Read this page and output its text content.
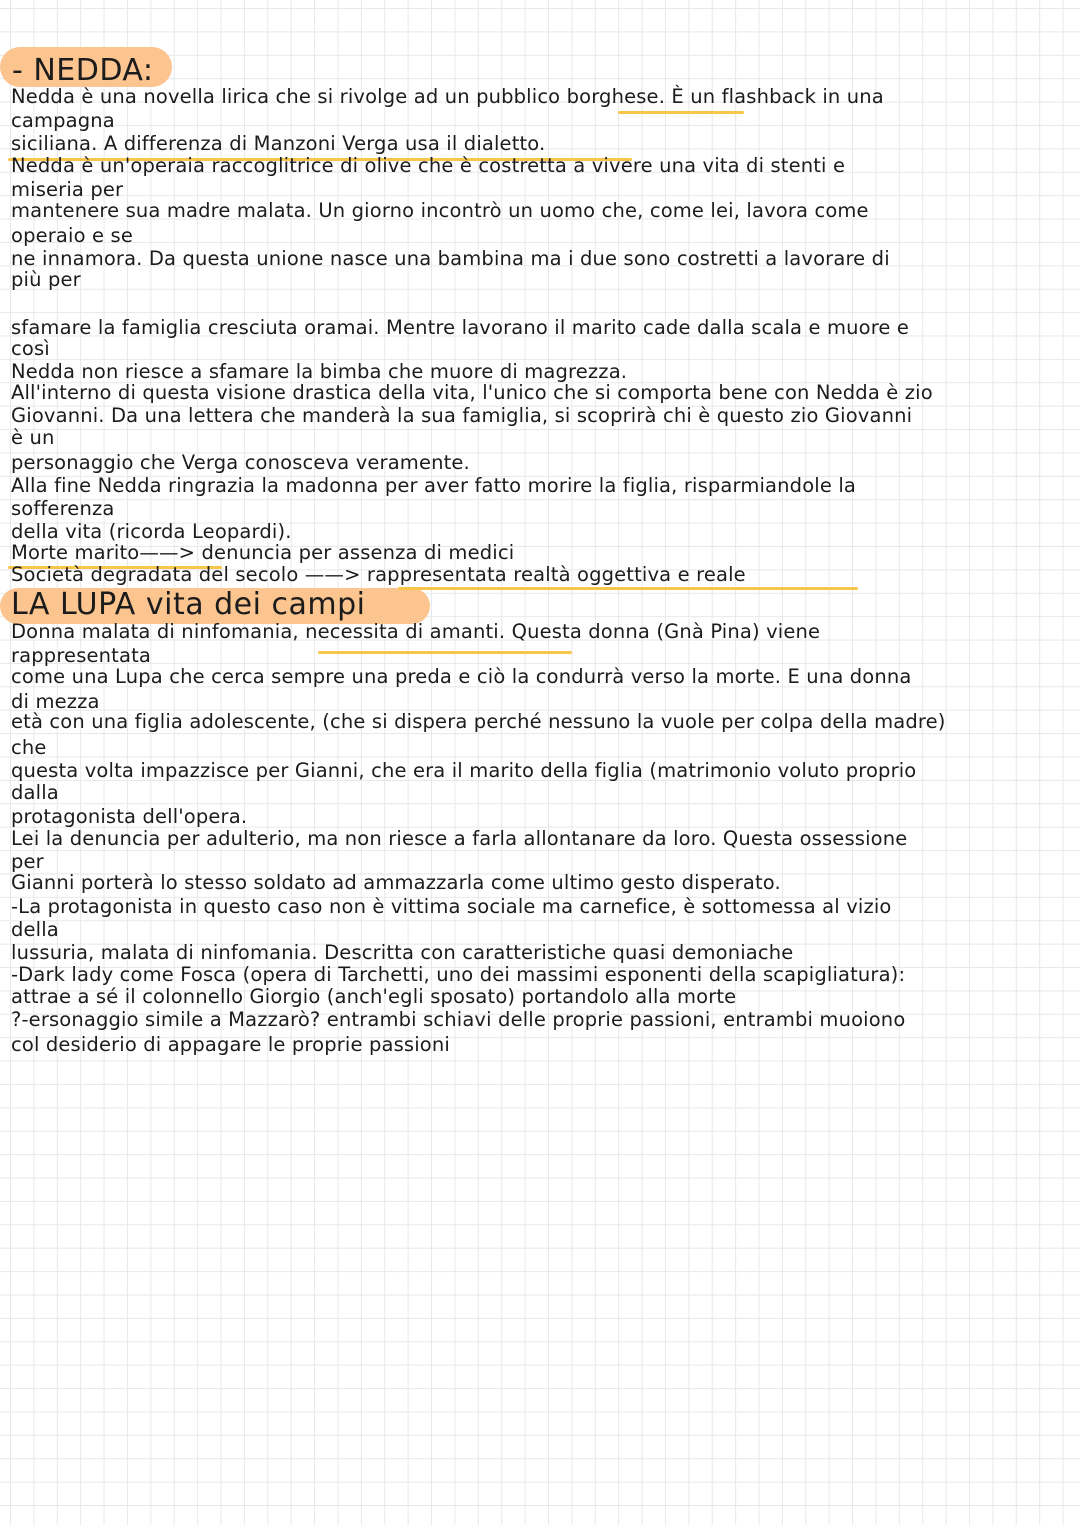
- NEDDA:
Nedda è una novella lirica che si rivolge ad un pubblico borghese. È un flashback in una
campagna
siciliana. A differenza di Manzoni Verga usa il dialetto.
Nedda è un'operaia raccoglitrice di olive che è costretta a vivere una vita di stenti e
miseria per
mantenere sua madre malata. Un giorno incontrò un uomo che, come lei, lavora come
operaio e se
ne innamora. Da questa unione nasce una bambina ma i due sono costretti a lavorare di
più per
sfamare la famiglia cresciuta oramai. Mentre lavorano il marito cade dalla scala e muore e
così
Nedda non riesce a sfamare la bimba che muore di magrezza.
All'interno di questa visione drastica della vita, l'unico che si comporta bene con Nedda è zio
Giovanni. Da una lettera che manderà la sua famiglia, si scoprirà chi è questo zio Giovanni
è un
personaggio che Verga conosceva veramente.
Alla fine Nedda ringrazia la madonna per aver fatto morire la figlia, risparmiandole la
sofferenza
della vita (ricorda Leopardi).
Morte marito——> denuncia per assenza di medici
Società degradata del secolo ——> rappresentata realtà oggettiva e reale
LA LUPA vita dei campi
Donna malata di ninfomania, necessita di amanti. Questa donna (Gnà Pina) viene
rappresentata
come una Lupa che cerca sempre una preda e ciò la condurrà verso la morte. E una donna
di mezza
età con una figlia adolescente, (che si dispera perché nessuno la vuole per colpa della madre)
che
questa volta impazzisce per Gianni, che era il marito della figlia (matrimonio voluto proprio
dalla
protagonista dell'opera.
Lei la denuncia per adulterio, ma non riesce a farla allontanare da loro. Questa ossessione
per
Gianni porterà lo stesso soldato ad ammazzarla come ultimo gesto disperato.
-La protagonista in questo caso non è vittima sociale ma carnefice, è sottomessa al vizio
della
lussuria, malata di ninfomania. Descritta con caratteristiche quasi demoniache
-Dark lady come Fosca (opera di Tarchetti, uno dei massimi esponenti della scapigliatura):
attrae a sé il colonnello Giorgio (anch'egli sposato) portandolo alla morte
?-ersonaggio simile a Mazzarò? entrambi schiavi delle proprie passioni, entrambi muoiono
col desiderio di appagare le proprie passioni
